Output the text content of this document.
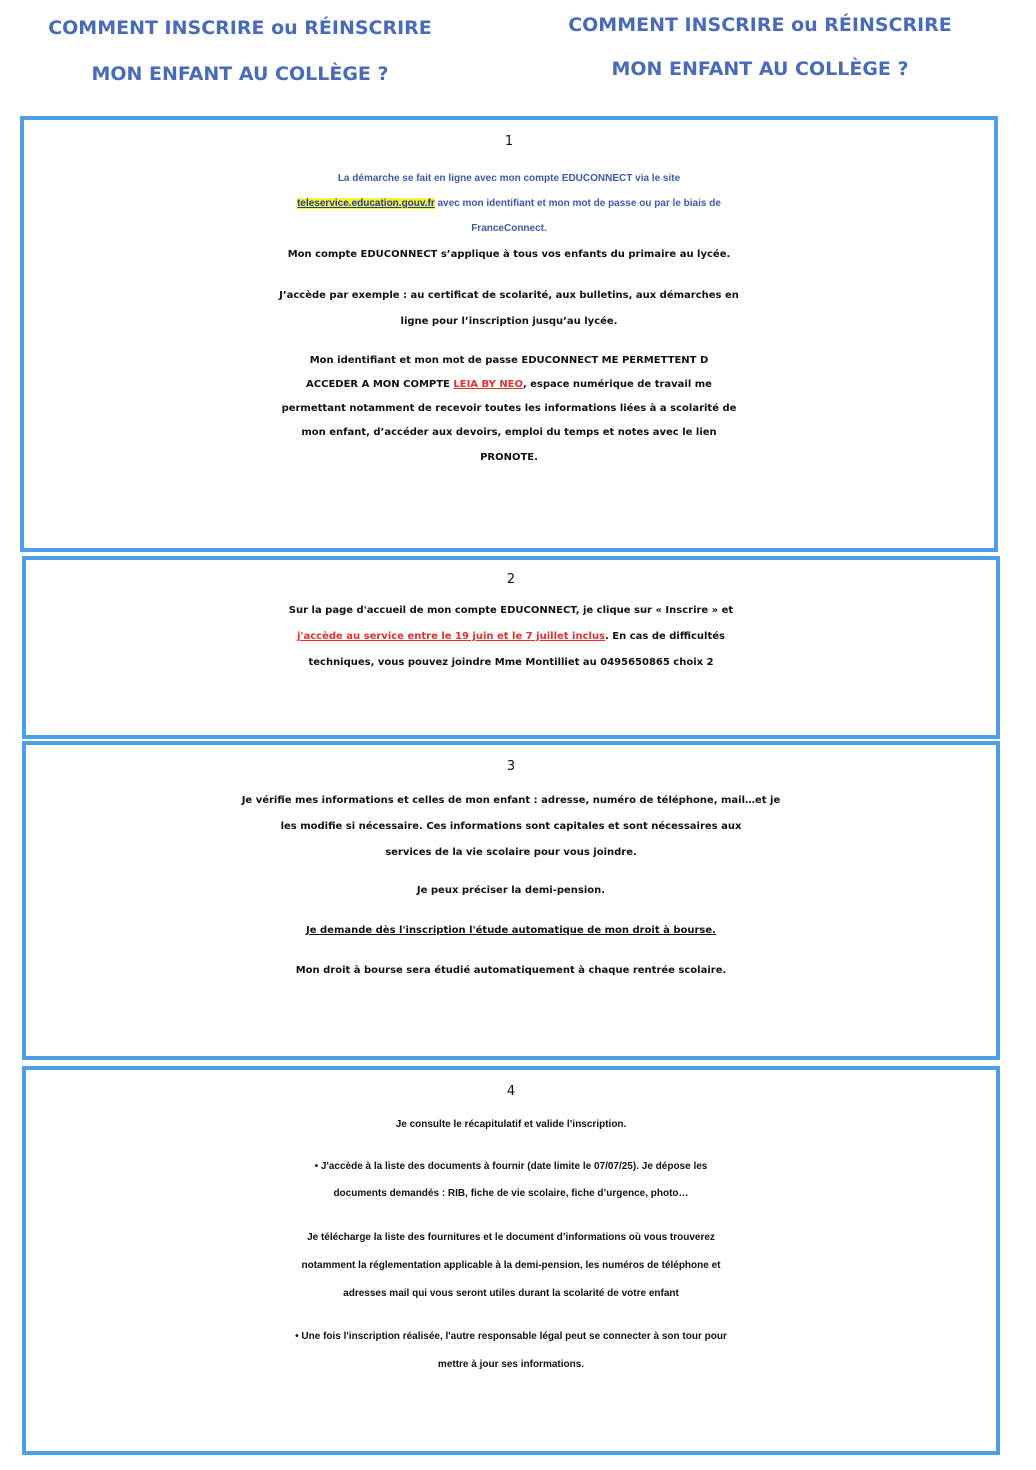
COMMENT INSCRIRE ou RÉINSCRIRE
MON ENFANT AU COLLÈGE ?
COMMENT INSCRIRE ou RÉINSCRIRE
MON ENFANT AU COLLÈGE ?
1
La démarche se fait en ligne avec mon compte EDUCONNECT via le site
teleservice.education.gouv.fr avec mon identifiant et mon mot de passe ou par le biais de
FranceConnect.
Mon compte EDUCONNECT s’applique à tous vos enfants du primaire au lycée.
J’accède par exemple : au certificat de scolarité, aux bulletins, aux démarches en
ligne pour l’inscription jusqu’au lycée.
Mon identifiant et mon mot de passe EDUCONNECT ME PERMETTENT D
ACCEDER A MON COMPTE LEIA BY NEO, espace numérique de travail me
permettant notamment de recevoir toutes les informations liées à a scolarité de
mon enfant, d’accéder aux devoirs, emploi du temps et notes avec le lien
PRONOTE.
2
Sur la page d'accueil de mon compte EDUCONNECT, je clique sur « Inscrire » et
j'accède au service entre le 19 juin et le 7 juillet inclus. En cas de difficultés
techniques, vous pouvez joindre Mme Montilliet au 0495650865 choix 2
3
Je vérifie mes informations et celles de mon enfant : adresse, numéro de téléphone, mail…et je
les modifie si nécessaire. Ces informations sont capitales et sont nécessaires aux
services de la vie scolaire pour vous joindre.
Je peux préciser la demi-pension.
Je demande dès l'inscription l'étude automatique de mon droit à bourse.
Mon droit à bourse sera étudié automatiquement à chaque rentrée scolaire.
4
Je consulte le récapitulatif et valide l’inscription.
• J'accède à la liste des documents à fournir (date limite le 07/07/25). Je dépose les
documents demandés : RIB, fiche de vie scolaire, fiche d’urgence, photo…
Je télécharge la liste des fournitures et le document d’informations où vous trouverez
notamment la réglementation applicable à la demi-pension, les numéros de téléphone et
adresses mail qui vous seront utiles durant la scolarité de votre enfant
• Une fois l'inscription réalisée, l'autre responsable légal peut se connecter à son tour pour
mettre à jour ses informations.
